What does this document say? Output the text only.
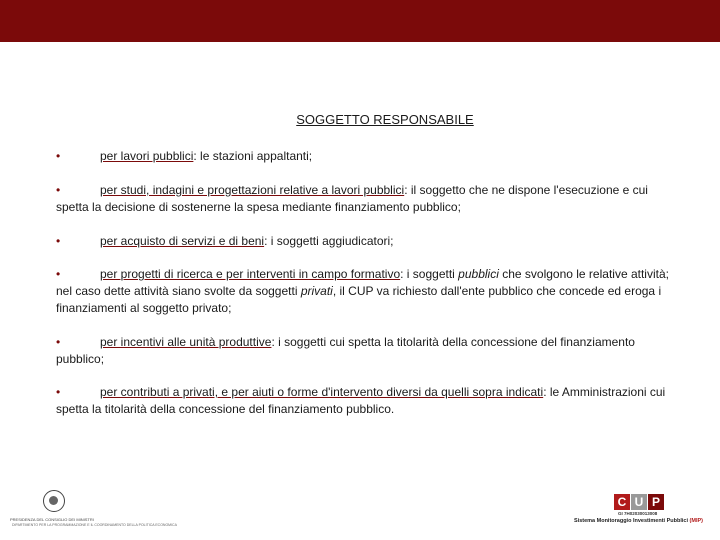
SOGGETTO RESPONSABILE
•	per lavori pubblici: le stazioni appaltanti;
•	per studi, indagini e progettazioni relative a lavori pubblici: il soggetto che ne dispone l'esecuzione e cui spetta la decisione di sostenerne la spesa mediante finanziamento pubblico;
•	per acquisto di servizi e di beni: i soggetti aggiudicatori;
•	per progetti di ricerca e per interventi in campo formativo: i soggetti pubblici che svolgono le relative attività; nel caso dette attività siano svolte da soggetti privati, il CUP va richiesto dall'ente pubblico che concede ed eroga i finanziamenti al soggetto privato;
•	per incentivi alle unità produttive: i soggetti cui spetta la titolarità della concessione del finanziamento pubblico;
•	per contributi a privati, e per aiuti o forme d'intervento diversi da quelli sopra indicati: le Amministrazioni cui spetta la titolarità della concessione del finanziamento pubblico.
PRESIDENZA DEL CONSIGLIO DEI MINISTRI
DIPARTIMENTO PER LA PROGRAMMAZIONE E IL COORDINAMENTO DELLA POLITICA ECONOMICA
C U P
GI 7H02030013008
Sistema Monitoraggio Investimenti Pubblici (MIP)
